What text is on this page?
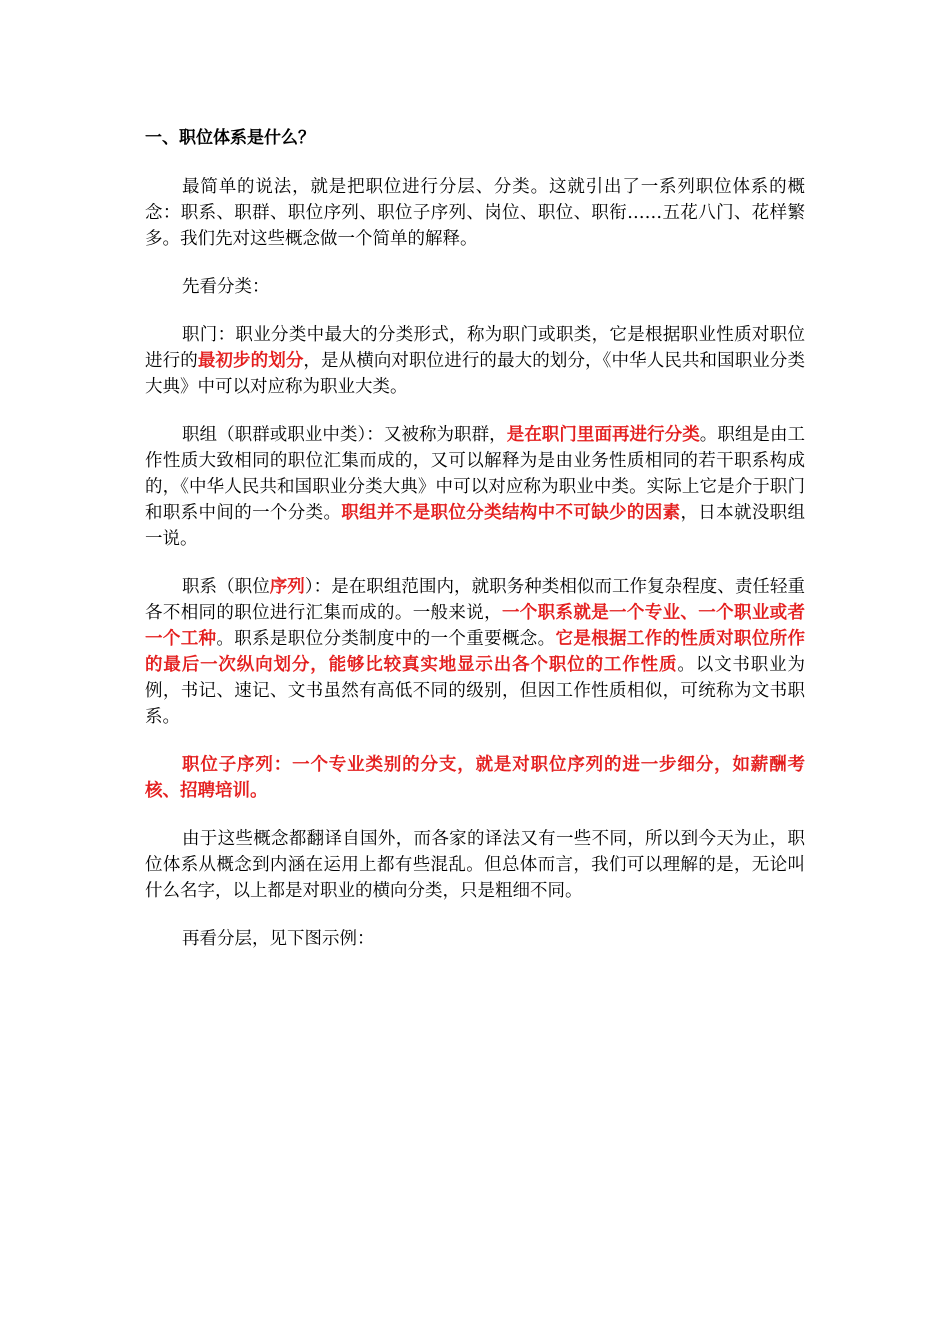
一、职位体系是什么？

最简单的说法，就是把职位进行分层、分类。这就引出了一系列职位体系的概念：职系、职群、职位序列、职位子序列、岗位、职位、职衔……五花八门、花样繁多。我们先对这些概念做一个简单的解释。

先看分类：

职门：职业分类中最大的分类形式，称为职门或职类，它是根据职业性质对职位进行的最初步的划分，是从横向对职位进行的最大的划分，《中华人民共和国职业分类大典》中可以对应称为职业大类。

职组（职群或职业中类）：又被称为职群，是在职门里面再进行分类。职组是由工作性质大致相同的职位汇集而成的，又可以解释为是由业务性质相同的若干职系构成的，《中华人民共和国职业分类大典》中可以对应称为职业中类。实际上它是介于职门和职系中间的一个分类。职组并不是职位分类结构中不可缺少的因素，日本就没职组一说。

职系（职位序列）：是在职组范围内，就职务种类相似而工作复杂程度、责任轻重各不相同的职位进行汇集而成的。一般来说，一个职系就是一个专业、一个职业或者一个工种。职系是职位分类制度中的一个重要概念。它是根据工作的性质对职位所作的最后一次纵向划分，能够比较真实地显示出各个职位的工作性质。以文书职业为例，书记、速记、文书虽然有高低不同的级别，但因工作性质相似，可统称为文书职系。

职位子序列：一个专业类别的分支，就是对职位序列的进一步细分，如薪酬考核、招聘培训。

由于这些概念都翻译自国外，而各家的译法又有一些不同，所以到今天为止，职位体系从概念到内涵在运用上都有些混乱。但总体而言，我们可以理解的是，无论叫什么名字，以上都是对职业的横向分类，只是粗细不同。

再看分层，见下图示例：
